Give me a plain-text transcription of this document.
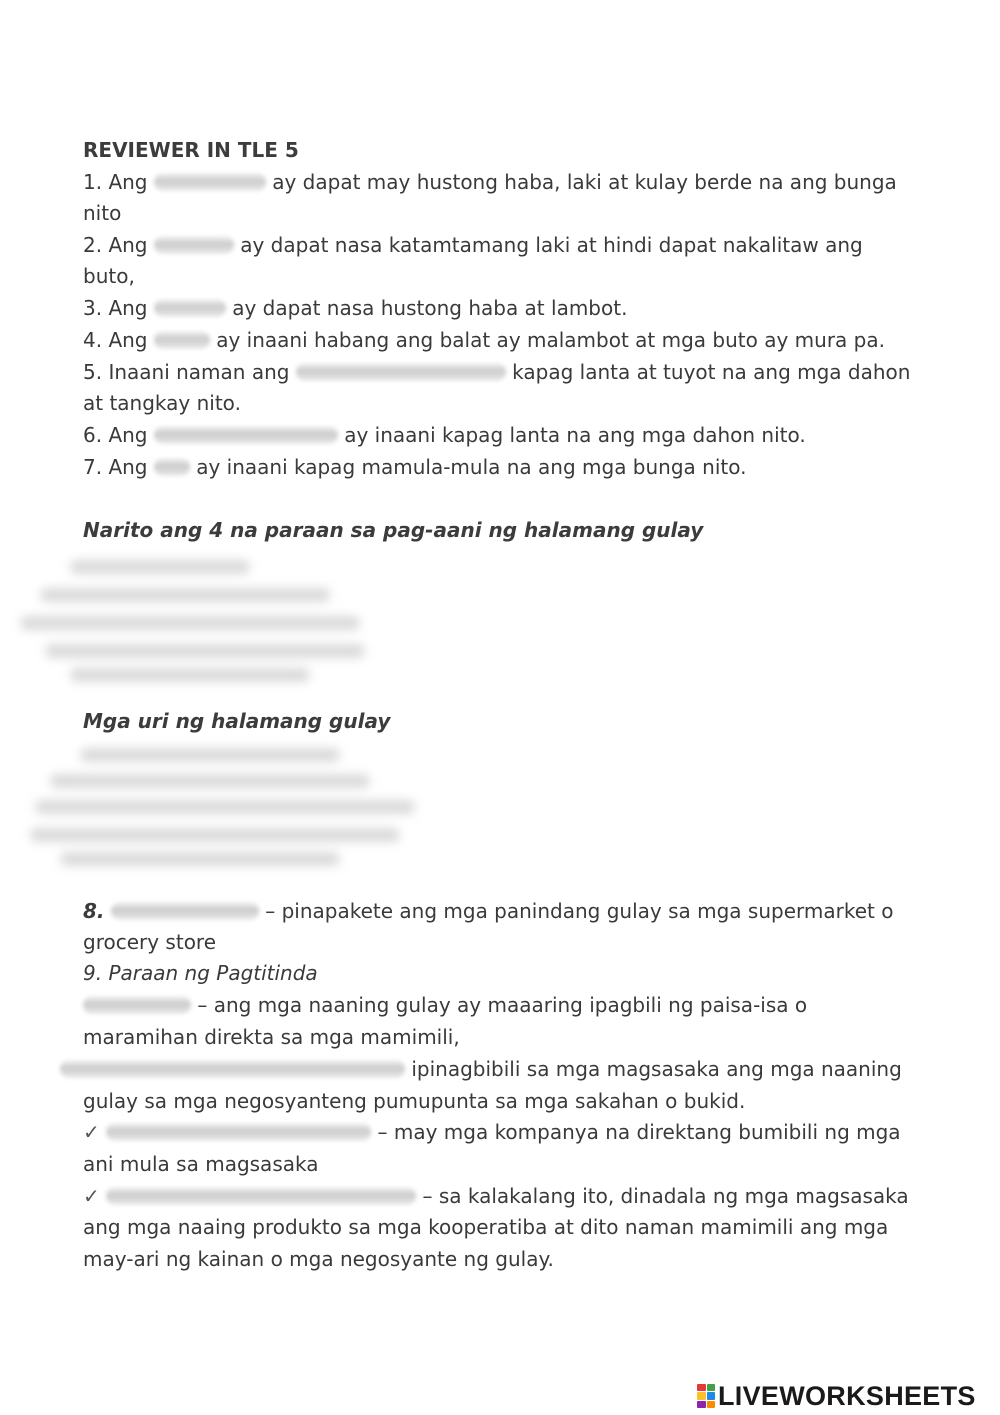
REVIEWER IN TLE 5
1. Ang	ay dapat may hustong haba, laki at kulay berde na ang bunga
nito
2. Ang	ay dapat nasa katamtamang laki at hindi dapat nakalitaw ang
buto,
3. Ang	ay dapat nasa hustong haba at lambot.
4. Ang	ay inaani habang ang balat ay malambot at mga buto ay mura pa.
5. Inaani naman ang	kapag lanta at tuyot na ang mga dahon
at tangkay nito.
6. Ang	ay inaani kapag lanta na ang mga dahon nito.
7. Ang ay inaani kapag mamula-mula na ang mga bunga nito.
Narito ang 4 na paraan sa pag-aani ng halamang gulay
Mga uri ng halamang gulay
8.	– pinapakete ang mga panindang gulay sa mga supermarket o
grocery store
9. Paraan ng Pagtitinda
– ang mga naaning gulay ay maaaring ipagbili ng paisa-isa o
maramihan direkta sa mga mamimili,
ipinagbibili sa mga magsasaka ang mga naaning
gulay sa mga negosyanteng pumupunta sa mga sakahan o bukid.
✓	– may mga kompanya na direktang bumibili ng mga
ani mula sa magsasaka
✓	– sa kalakalang ito, dinadala ng mga magsasaka
ang mga naaing produkto sa mga kooperatiba at dito naman mamimili ang mga
may-ari ng kainan o mga negosyante ng gulay.
LIVEWORKSHEETS
